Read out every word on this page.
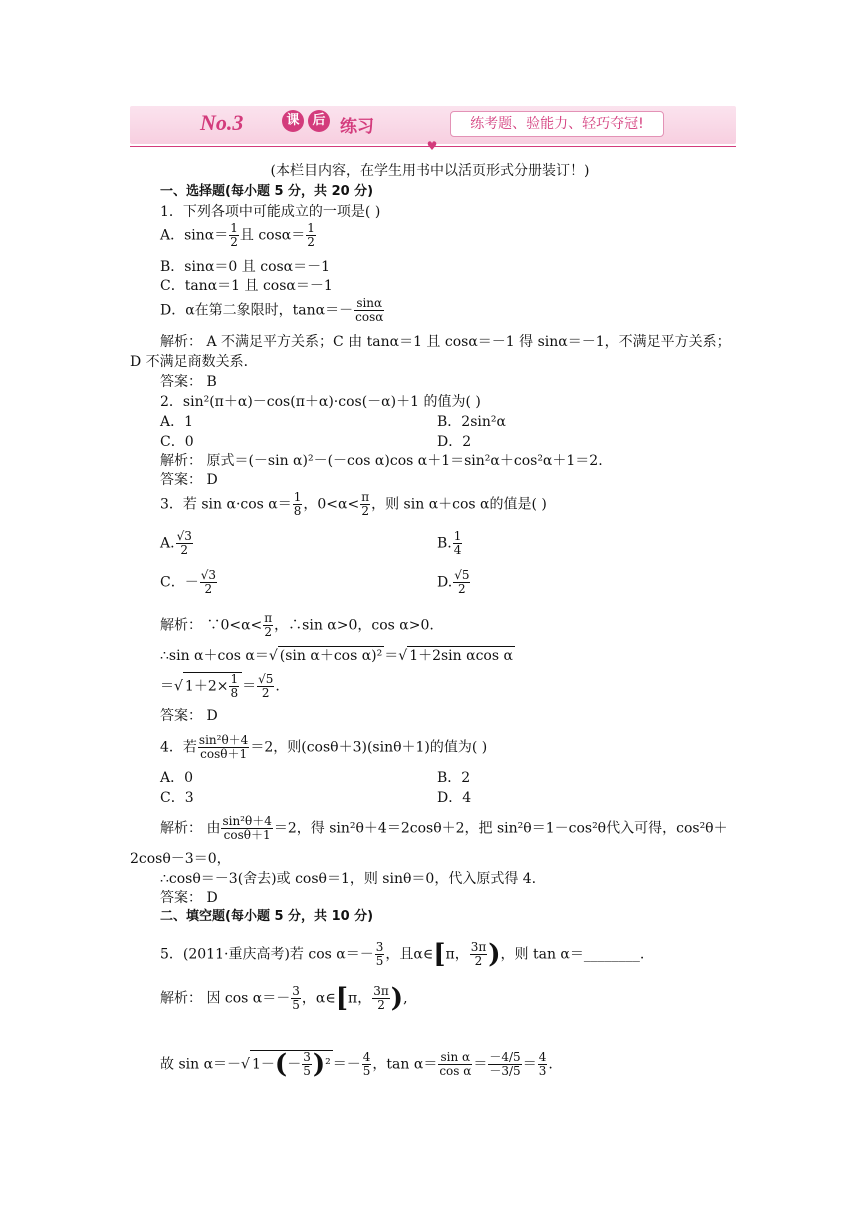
♥
No.3	课 后 练习	练考题、验能力、轻巧夺冠!
(本栏目内容，在学生用书中以活页形式分册装订！)
一、选择题(每小题 5 分，共 20 分)
1．下列各项中可能成立的一项是( )
A．$\sin\alpha= \frac{1}{2}$ 且 $\cos\alpha= \frac{1}{2}$
B．sinα＝0 且 cosα＝－1
C．tanα＝1 且 cosα＝－1
D．α在第二象限时，$\tan\alpha=- \frac{\sin\alpha}{\cos\alpha}$
解析： A 不满足平方关系；C 由 tanα＝1 且 cosα＝－1 得 sinα＝－1，不满足平方关系；
D 不满足商数关系．
答案： B
2．sin²(π＋α)－cos(π＋α)·cos(－α)＋1 的值为( )
A．1	B．2sin²α
C．0	D．2
解析： 原式＝(－sin α)²－(－cos α)cos α＋1＝sin²α＋cos²α＋1＝2.
答案： D
3．若 sin α·cos $\alpha= \frac{1}{8}$ ，$0<\alpha< \frac{\pi}{2}$ ，则 sin α＋cos α的值是( )
A. $\frac{√3}{2}$	B. $\frac{1}{4}$
C．－ $\frac{√3}{2}$	D. $\frac{√5}{2}$
解析： ∵0<α< $\frac{\pi}{2}$ ，∴sin α>0，cos α>0.
∴sin α＋cos α＝√ (sin α＋cos α)² ＝√ 1＋2sin αcos α
＝√ $1+2\times \frac{1}{8} = \frac{√5}{2}$ .
答案： D
4．若 $\frac{\text{sin²θ＋4}}{\cos\theta+1} =2$，则(cosθ＋3)(sinθ＋1)的值为( )
A．0	B．2
C．3	D．4
解析： 由 $\frac{\text{sin²θ＋4}}{\cos\theta+1} =2$，得 sin²θ＋4＝2cosθ＋2，把 sin²θ＝1－cos²θ代入可得，cos²θ＋
2cosθ－3＝0，
∴cosθ＝－3(舍去)或 cosθ＝1，则 sinθ＝0，代入原式得 4.
答案： D
二、填空题(每小题 5 分，共 10 分)
5．(2011·重庆高考)若 $\cos \alpha=- \frac{3}{5}$ ，且α∈[π， $\frac{3\pi}{2}$ )，则 tan α＝________.
解析： 因 $\cos \alpha=- \frac{3}{5}$ ，α∈[π， $\frac{3\pi}{2}$ ),
故 sin α＝－√ $1-(- \frac{3}{5} )^2 =- \frac{4}{5}$ ，$\tan \alpha= \frac{\text{sin α}}{\text{cos α}} = \frac{-4/5}{-3/5} = \frac{4}{3}$ .
